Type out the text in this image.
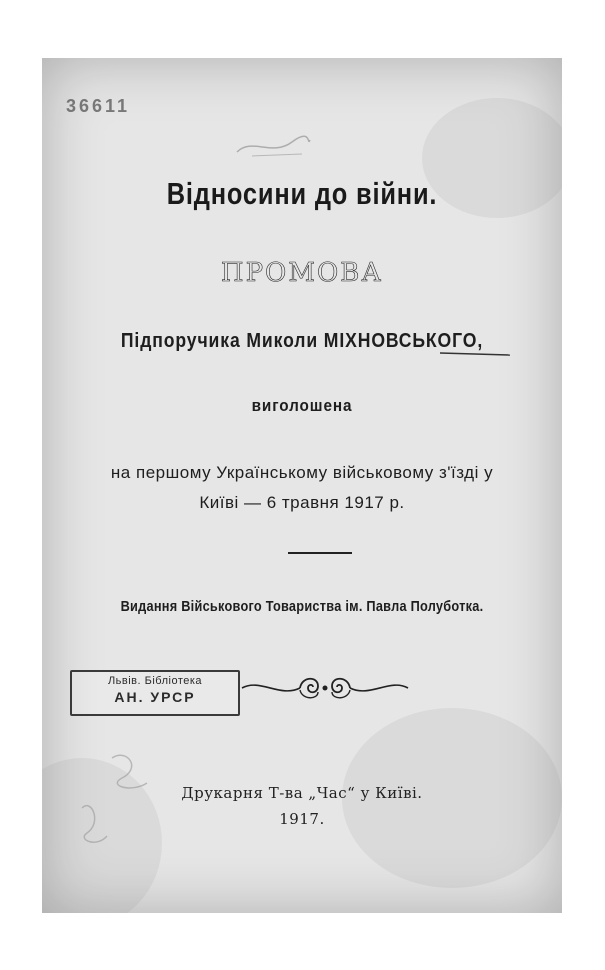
36611
Відносини до війни.
ПРОМОВА
Підпоручика Миколи МІХНОВСЬКОГО,
виголошена
на першому Українському військовому з'їзді у
Київі — 6 травня 1917 р.
Видання Військового Товариства ім. Павла Полуботка.
Львів. Бібліотека
АН. УРСР
Друкарня Т-ва „Час“ у Київі.
1917.
